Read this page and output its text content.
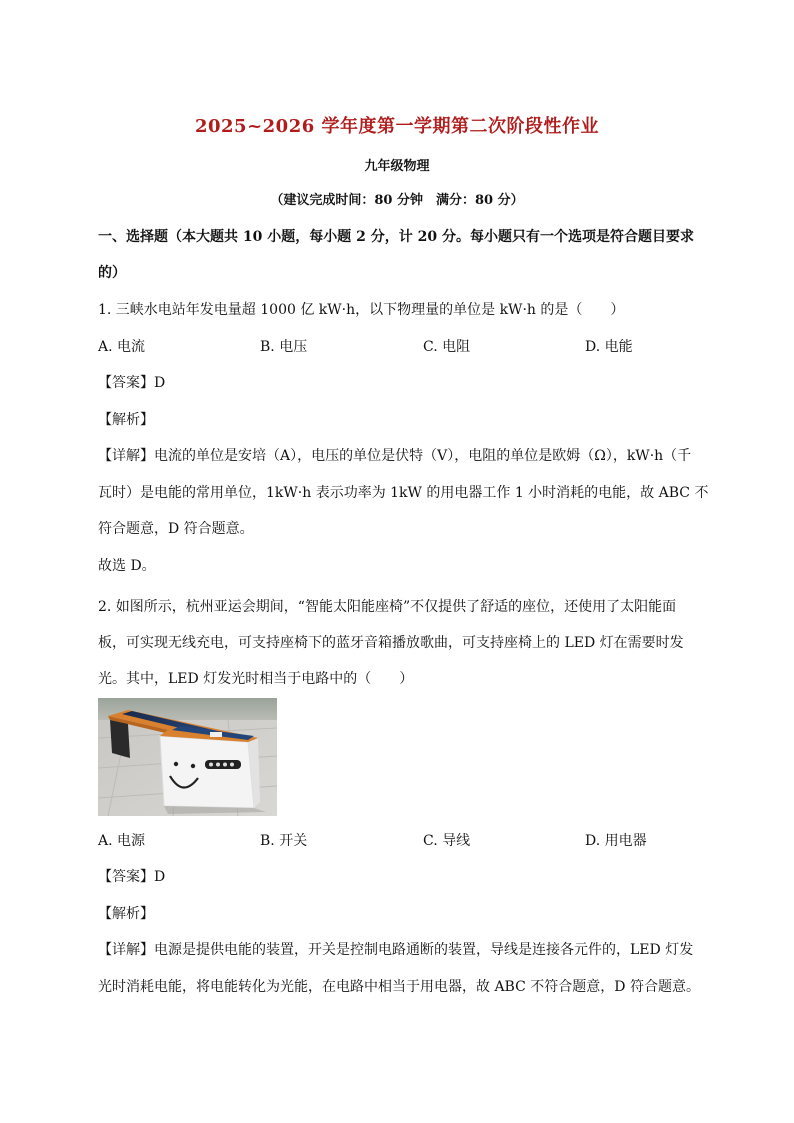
2025~2026 学年度第一学期第二次阶段性作业
九年级物理
（建议完成时间：80 分钟　满分：80 分）
一、选择题（本大题共 10 小题，每小题 2 分，计 20 分。每小题只有一个选项是符合题目要求
的）
1. 三峡水电站年发电量超 1000 亿 kW·h，以下物理量的单位是 kW·h 的是（　　）
A. 电流	B. 电压	C. 电阻	D. 电能
【答案】D
【解析】
【详解】电流的单位是安培（A），电压的单位是伏特（V），电阻的单位是欧姆（Ω），kW·h（千
瓦时）是电能的常用单位，1kW·h 表示功率为 1kW 的用电器工作 1 小时消耗的电能，故 ABC 不
符合题意，D 符合题意。
故选 D。
2. 如图所示，杭州亚运会期间，“智能太阳能座椅”不仅提供了舒适的座位，还使用了太阳能面
板，可实现无线充电，可支持座椅下的蓝牙音箱播放歌曲，可支持座椅上的 LED 灯在需要时发
光。其中，LED 灯发光时相当于电路中的（　　）
A. 电源	B. 开关	C. 导线	D. 用电器
【答案】D
【解析】
【详解】电源是提供电能的装置，开关是控制电路通断的装置，导线是连接各元件的，LED 灯发
光时消耗电能，将电能转化为光能，在电路中相当于用电器，故 ABC 不符合题意，D 符合题意。
